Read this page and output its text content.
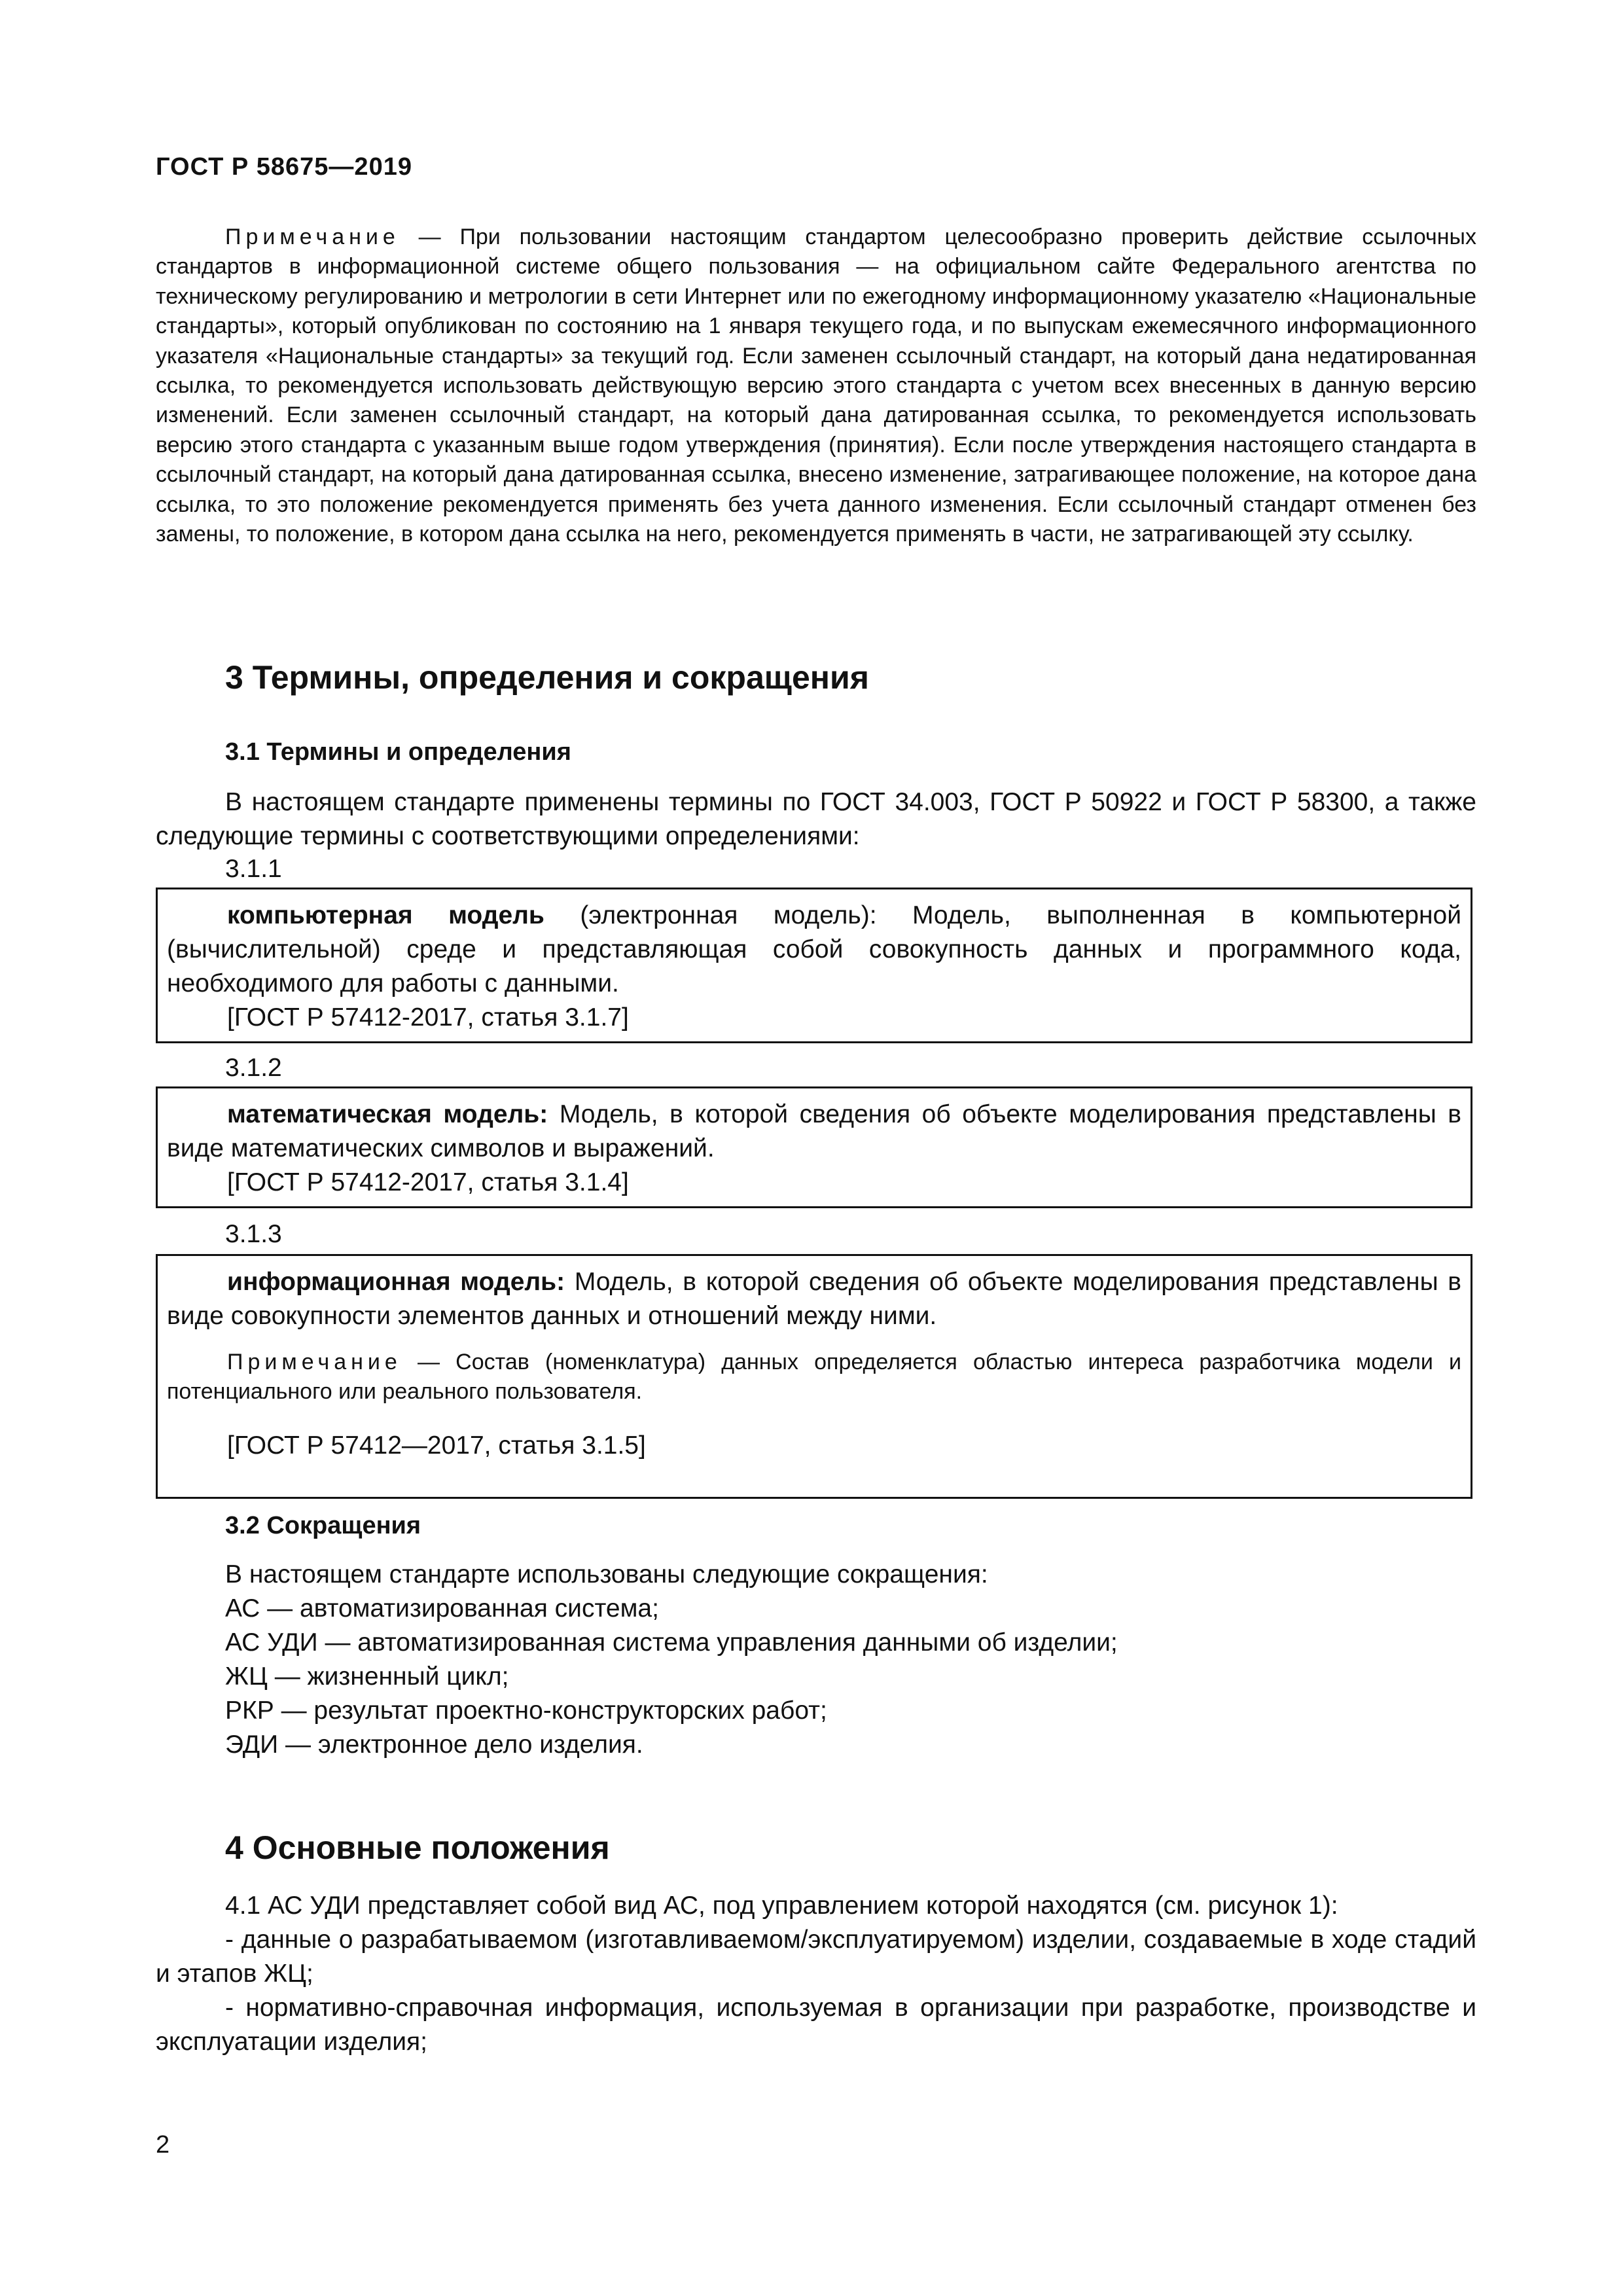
ГОСТ Р 58675—2019
Примечание — При пользовании настоящим стандартом целесообразно проверить действие ссылочных стандартов в информационной системе общего пользования — на официальном сайте Федерального агентства по техническому регулированию и метрологии в сети Интернет или по ежегодному информационному указателю «Национальные стандарты», который опубликован по состоянию на 1 января текущего года, и по выпускам ежемесячного информационного указателя «Национальные стандарты» за текущий год. Если заменен ссылочный стандарт, на который дана недатированная ссылка, то рекомендуется использовать действующую версию этого стандарта с учетом всех внесенных в данную версию изменений. Если заменен ссылочный стандарт, на который дана датированная ссылка, то рекомендуется использовать версию этого стандарта с указанным выше годом утверждения (принятия). Если после утверждения настоящего стандарта в ссылочный стандарт, на который дана датированная ссылка, внесено изменение, затрагивающее положение, на которое дана ссылка, то это положение рекомендуется применять без учета данного изменения. Если ссылочный стандарт отменен без замены, то положение, в котором дана ссылка на него, рекомендуется применять в части, не затрагивающей эту ссылку.
3 Термины, определения и сокращения
3.1 Термины и определения
В настоящем стандарте применены термины по ГОСТ 34.003, ГОСТ Р 50922 и ГОСТ Р 58300, а также следующие термины с соответствующими определениями:
3.1.1
компьютерная модель (электронная модель): Модель, выполненная в компьютерной (вычислительной) среде и представляющая собой совокупность данных и программного кода, необходимого для работы с данными.
[ГОСТ Р 57412-2017, статья 3.1.7]
3.1.2
математическая модель: Модель, в которой сведения об объекте моделирования представлены в виде математических символов и выражений.
[ГОСТ Р 57412-2017, статья 3.1.4]
3.1.3
информационная модель: Модель, в которой сведения об объекте моделирования представлены в виде совокупности элементов данных и отношений между ними.
Примечание — Состав (номенклатура) данных определяется областью интереса разработчика модели и потенциального или реального пользователя.
[ГОСТ Р 57412—2017, статья 3.1.5]
3.2 Сокращения
В настоящем стандарте использованы следующие сокращения:
АС — автоматизированная система;
АС УДИ — автоматизированная система управления данными об изделии;
ЖЦ — жизненный цикл;
РКР — результат проектно-конструкторских работ;
ЭДИ — электронное дело изделия.
4 Основные положения
4.1 АС УДИ представляет собой вид АС, под управлением которой находятся (см. рисунок 1):
- данные о разрабатываемом (изготавливаемом/эксплуатируемом) изделии, создаваемые в ходе стадий и этапов ЖЦ;
- нормативно-справочная информация, используемая в организации при разработке, производстве и эксплуатации изделия;
2
